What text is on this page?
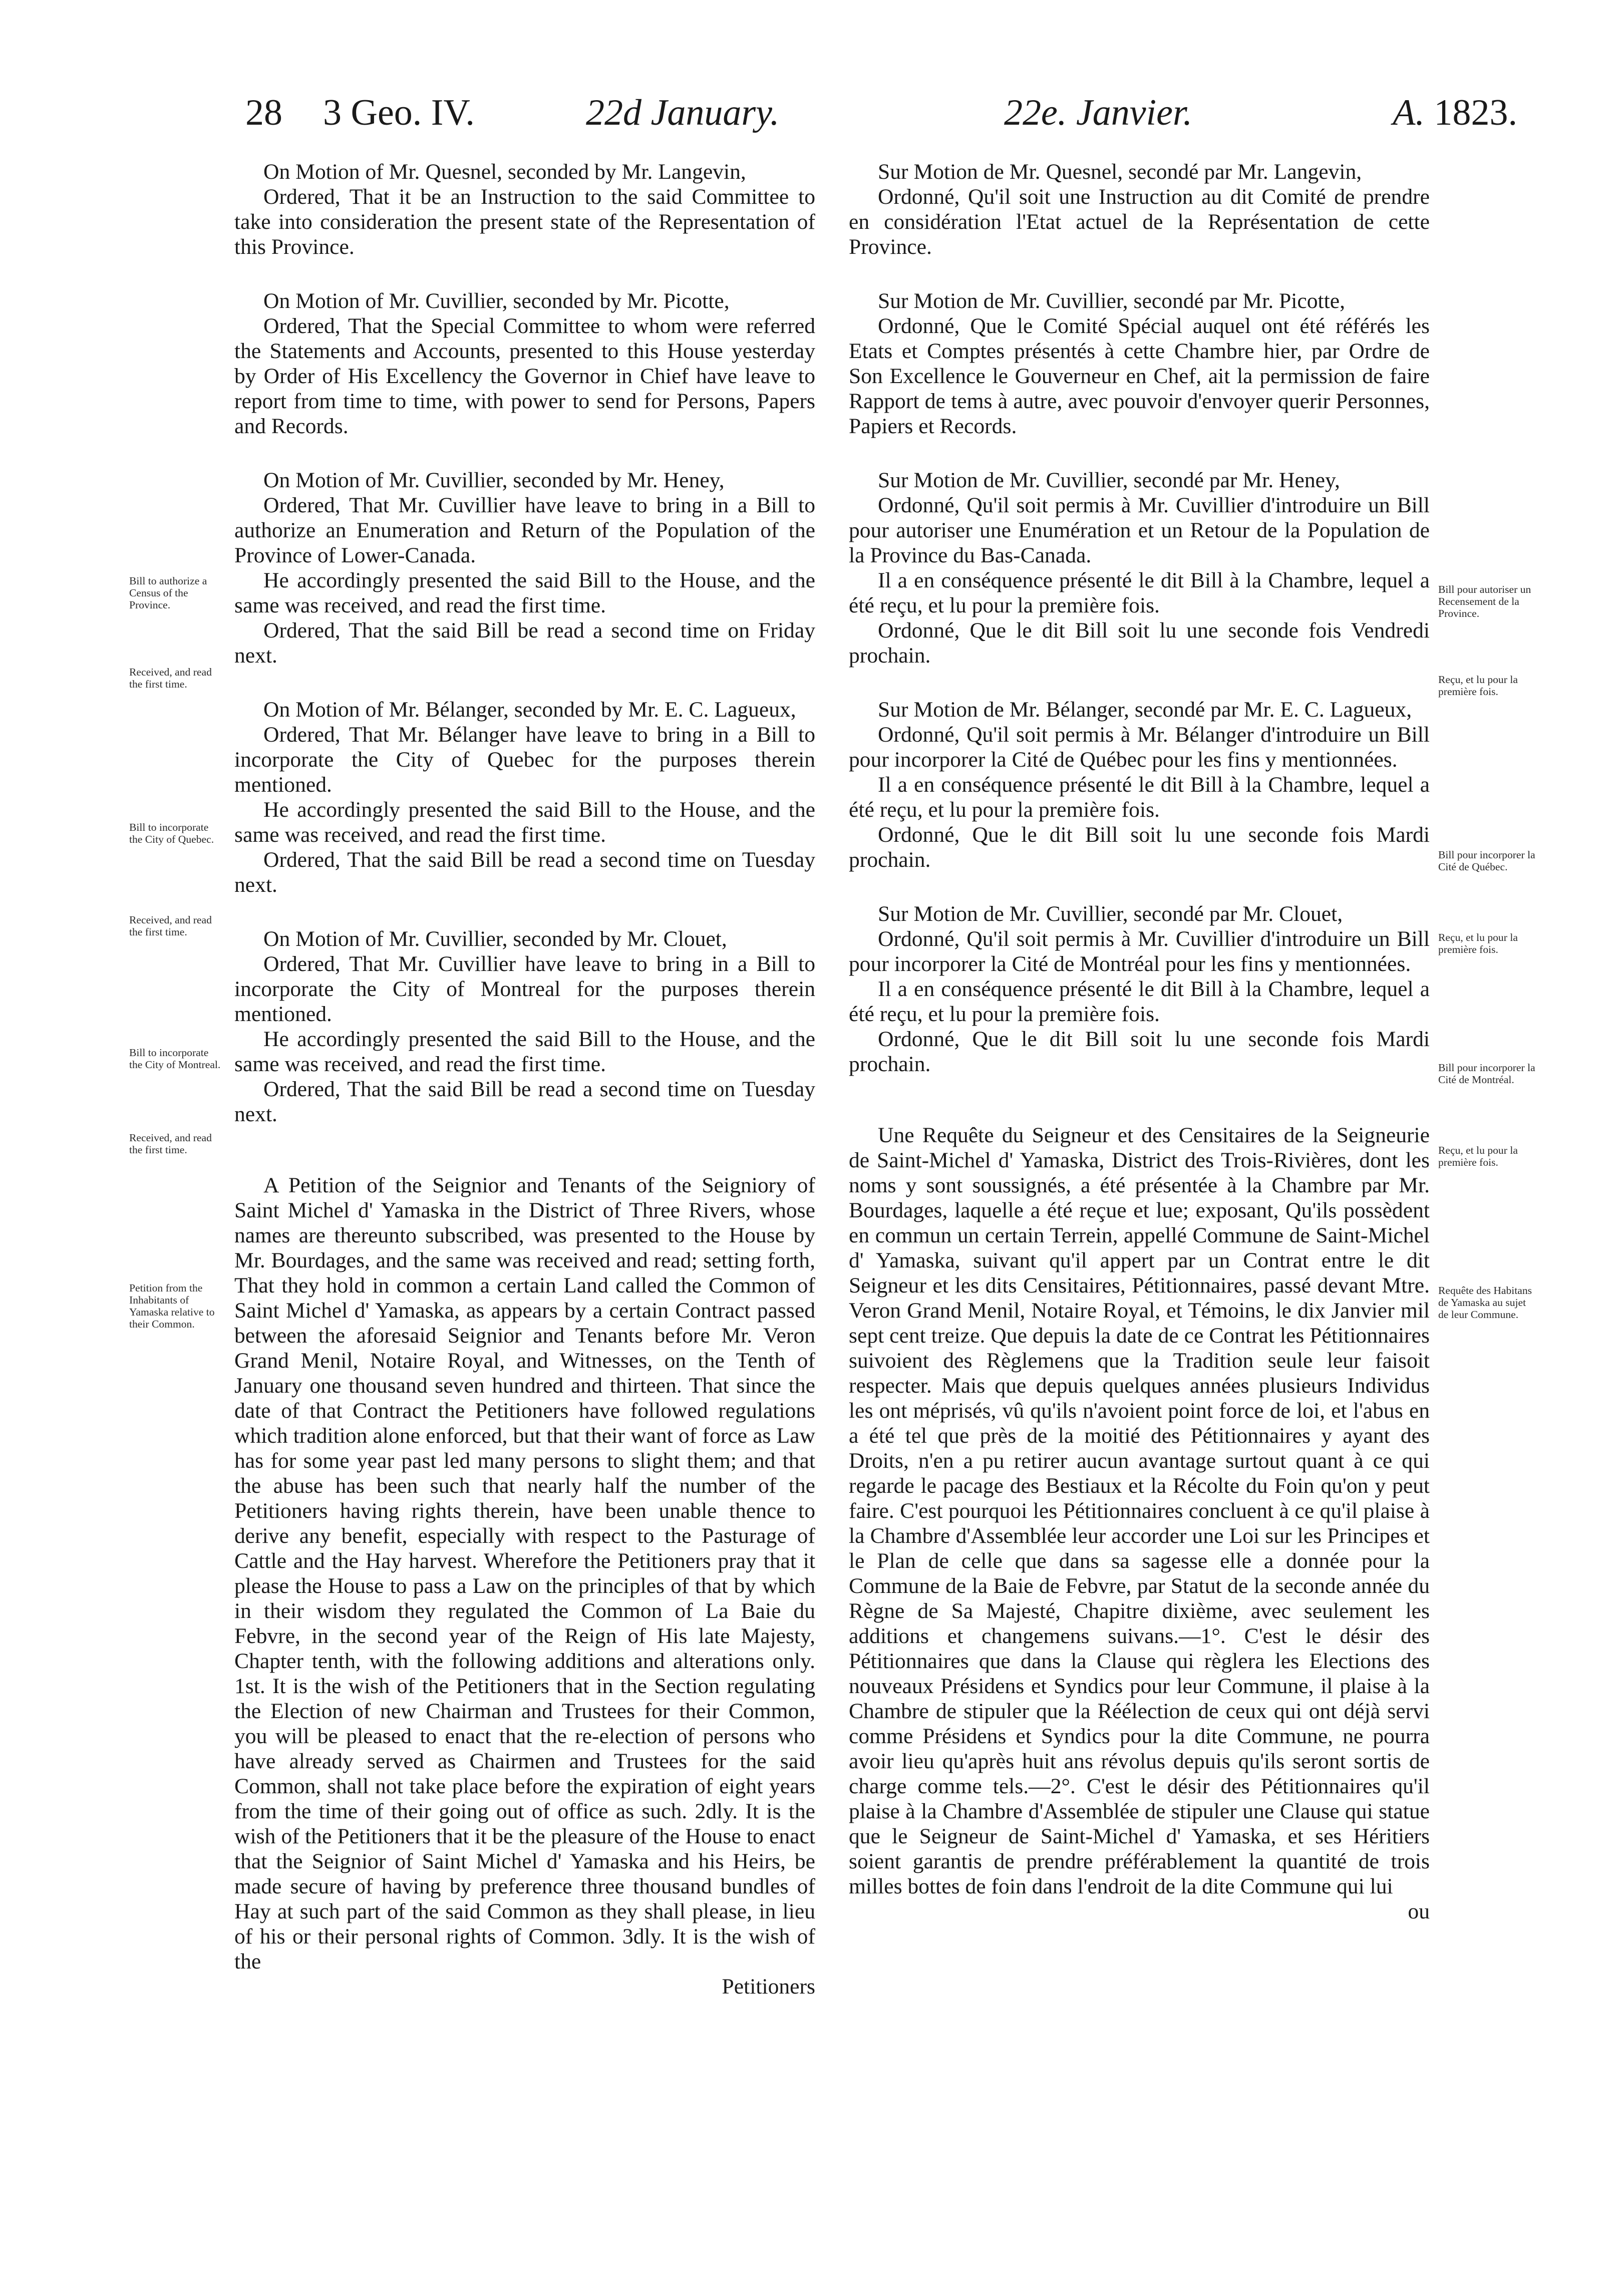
28 3 Geo. IV.	22d January.	22e. Janvier.	A. 1823.

On Motion of Mr. Quesnel, seconded by Mr. Langevin,

Ordered, That it be an Instruction to the said Committee to take into consideration the present state of the Representation of this Province.

On Motion of Mr. Cuvillier, seconded by Mr. Picotte,

Ordered, That the Special Committee to whom were referred the Statements and Accounts, presented to this House yesterday by Order of His Excellency the Governor in Chief have leave to report from time to time, with power to send for Persons, Papers and Records.

On Motion of Mr. Cuvillier, seconded by Mr. Heney,

Ordered, That Mr. Cuvillier have leave to bring in a Bill to authorize an Enumeration and Return of the Population of the Province of Lower-Canada.

He accordingly presented the said Bill to the House, and the same was received, and read the first time.

Ordered, That the said Bill be read a second time on Friday next.

On Motion of Mr. Bélanger, seconded by Mr. E. C. Lagueux,

Ordered, That Mr. Bélanger have leave to bring in a Bill to incorporate the City of Quebec for the purposes therein mentioned.

He accordingly presented the said Bill to the House, and the same was received, and read the first time.

Ordered, That the said Bill be read a second time on Tuesday next.

On Motion of Mr. Cuvillier, seconded by Mr. Clouet,

Ordered, That Mr. Cuvillier have leave to bring in a Bill to incorporate the City of Montreal for the purposes therein mentioned.

He accordingly presented the said Bill to the House, and the same was received, and read the first time.

Ordered, That the said Bill be read a second time on Tuesday next.

A Petition of the Seignior and Tenants of the Seigniory of Saint Michel d' Yamaska in the District of Three Rivers, whose names are thereunto subscribed, was presented to the House by Mr. Bourdages, and the same was received and read; setting forth, That they hold in common a certain Land called the Common of Saint Michel d' Yamaska, as appears by a certain Contract passed between the aforesaid Seignior and Tenants before Mr. Veron Grand Menil, Notaire Royal, and Witnesses, on the Tenth of January one thousand seven hundred and thirteen. That since the date of that Contract the Petitioners have followed regulations which tradition alone enforced, but that their want of force as Law has for some year past led many persons to slight them; and that the abuse has been such that nearly half the number of the Petitioners having rights therein, have been unable thence to derive any benefit, especially with respect to the Pasturage of Cattle and the Hay harvest. Wherefore the Petitioners pray that it please the House to pass a Law on the principles of that by which in their wisdom they regulated the Common of La Baie du Febvre, in the second year of the Reign of His late Majesty, Chapter tenth, with the following additions and alterations only. 1st. It is the wish of the Petitioners that in the Section regulating the Election of new Chairman and Trustees for their Common, you will be pleased to enact that the re-election of persons who have already served as Chairmen and Trustees for the said Common, shall not take place before the expiration of eight years from the time of their going out of office as such. 2dly. It is the wish of the Petitioners that it be the pleasure of the House to enact that the Seignior of Saint Michel d' Yamaska and his Heirs, be made secure of having by preference three thousand bundles of Hay at such part of the said Common as they shall please, in lieu of his or their personal rights of Common. 3dly. It is the wish of the

Petitioners

Sur Motion de Mr. Quesnel, secondé par Mr. Langevin,

Ordonné, Qu'il soit une Instruction au dit Comité de prendre en considération l'Etat actuel de la Représentation de cette Province.

Sur Motion de Mr. Cuvillier, secondé par Mr. Picotte,

Ordonné, Que le Comité Spécial auquel ont été référés les Etats et Comptes présentés à cette Chambre hier, par Ordre de Son Excellence le Gouverneur en Chef, ait la permission de faire Rapport de tems à autre, avec pouvoir d'envoyer querir Personnes, Papiers et Records.

Sur Motion de Mr. Cuvillier, secondé par Mr. Heney,

Ordonné, Qu'il soit permis à Mr. Cuvillier d'introduire un Bill pour autoriser une Enumération et un Retour de la Population de la Province du Bas-Canada.

Il a en conséquence présenté le dit Bill à la Chambre, lequel a été reçu, et lu pour la première fois.

Ordonné, Que le dit Bill soit lu une seconde fois Vendredi prochain.

Sur Motion de Mr. Bélanger, secondé par Mr. E. C. Lagueux,

Ordonné, Qu'il soit permis à Mr. Bélanger d'introduire un Bill pour incorporer la Cité de Québec pour les fins y mentionnées.

Il a en conséquence présenté le dit Bill à la Chambre, lequel a été reçu, et lu pour la première fois.

Ordonné, Que le dit Bill soit lu une seconde fois Mardi prochain.

Sur Motion de Mr. Cuvillier, secondé par Mr. Clouet,

Ordonné, Qu'il soit permis à Mr. Cuvillier d'introduire un Bill pour incorporer la Cité de Montréal pour les fins y mentionnées.

Il a en conséquence présenté le dit Bill à la Chambre, lequel a été reçu, et lu pour la première fois.

Ordonné, Que le dit Bill soit lu une seconde fois Mardi prochain.

Une Requête du Seigneur et des Censitaires de la Seigneurie de Saint-Michel d' Yamaska, District des Trois-Rivières, dont les noms y sont soussignés, a été présentée à la Chambre par Mr. Bourdages, laquelle a été reçue et lue; exposant, Qu'ils possèdent en commun un certain Terrein, appellé Commune de Saint-Michel d' Yamaska, suivant qu'il appert par un Contrat entre le dit Seigneur et les dits Censitaires, Pétitionnaires, passé devant Mtre. Veron Grand Menil, Notaire Royal, et Témoins, le dix Janvier mil sept cent treize. Que depuis la date de ce Contrat les Pétitionnaires suivoient des Règlemens que la Tradition seule leur faisoit respecter. Mais que depuis quelques années plusieurs Individus les ont méprisés, vû qu'ils n'avoient point force de loi, et l'abus en a été tel que près de la moitié des Pétitionnaires y ayant des Droits, n'en a pu retirer aucun avantage surtout quant à ce qui regarde le pacage des Bestiaux et la Récolte du Foin qu'on y peut faire. C'est pourquoi les Pétitionnaires concluent à ce qu'il plaise à la Chambre d'Assemblée leur accorder une Loi sur les Principes et le Plan de celle que dans sa sagesse elle a donnée pour la Commune de la Baie de Febvre, par Statut de la seconde année du Règne de Sa Majesté, Chapitre dixième, avec seulement les additions et changemens suivans.—1°. C'est le désir des Pétitionnaires que dans la Clause qui règlera les Elections des nouveaux Présidens et Syndics pour leur Commune, il plaise à la Chambre de stipuler que la Réélection de ceux qui ont déjà servi comme Présidens et Syndics pour la dite Commune, ne pourra avoir lieu qu'après huit ans révolus depuis qu'ils seront sortis de charge comme tels.—2°. C'est le désir des Pétitionnaires qu'il plaise à la Chambre d'Assemblée de stipuler une Clause qui statue que le Seigneur de Saint-Michel d' Yamaska, et ses Héritiers soient garantis de prendre préférablement la quantité de trois milles bottes de foin dans l'endroit de la dite Commune qui lui

ou

Bill to authorize a Census of the Province.
Received, and read the first time.
Bill to incorporate the City of Quebec.
Received, and read the first time.
Bill to incorporate the City of Montreal.
Received, and read the first time.
Petition from the Inhabitants of Yamaska relative to their Common.
Bill pour autoriser un Recensement de la Province.
Reçu, et lu pour la première fois.
Bill pour incorporer la Cité de Québec.
Reçu, et lu pour la première fois.
Bill pour incorporer la Cité de Montréal.
Reçu, et lu pour la première fois.
Requête des Habitans de Yamaska au sujet de leur Commune.
